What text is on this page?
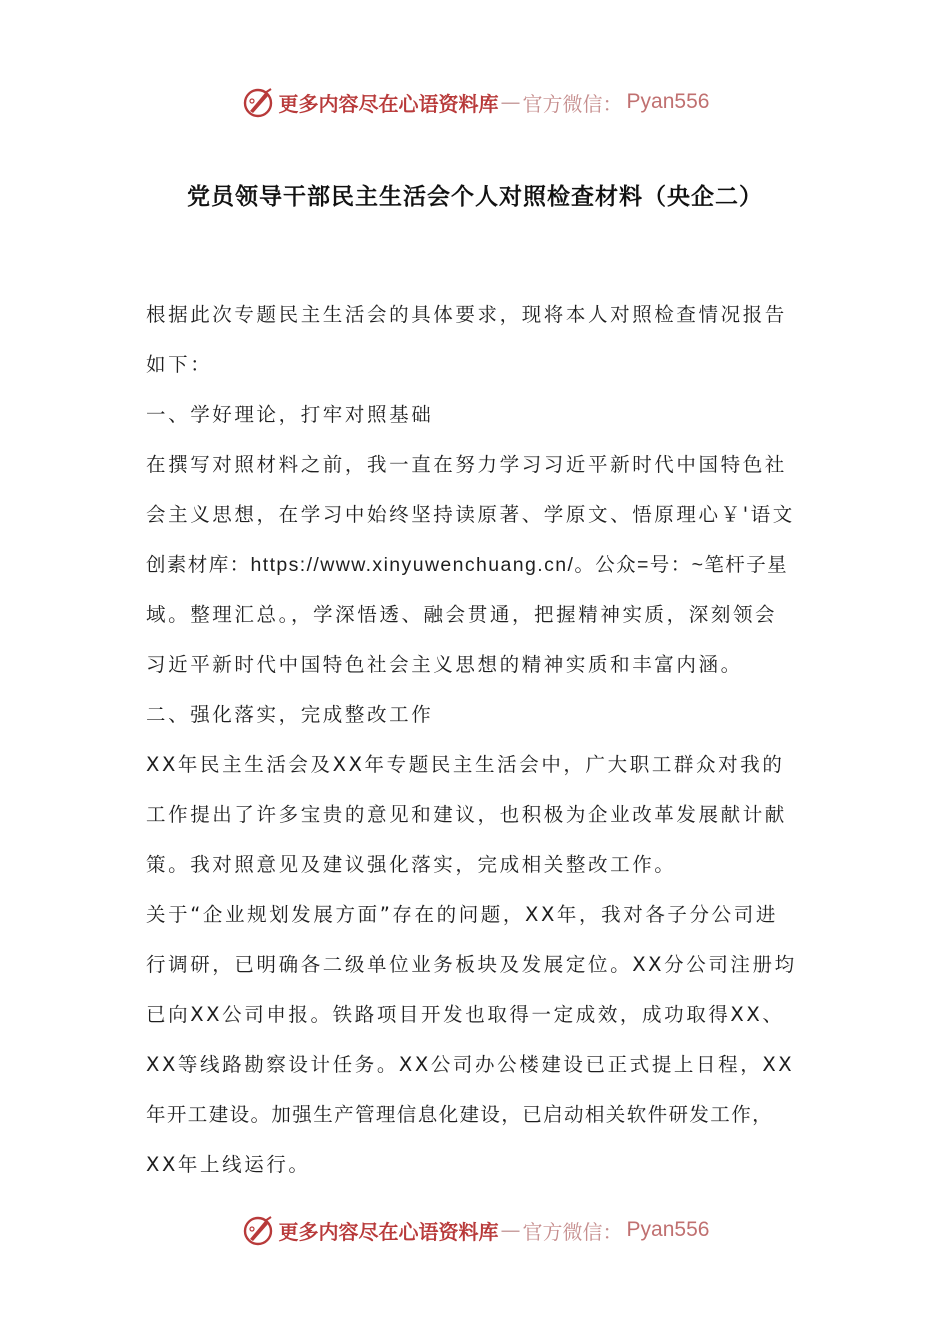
更多内容尽在心语资料库 — 官方微信： Pyan556
党员领导干部民主生活会个人对照检查材料（央企二）
根据此次专题民主生活会的具体要求，现将本人对照检查情况报告
如下：
一、学好理论，打牢对照基础
在撰写对照材料之前，我一直在努力学习习近平新时代中国特色社
会主义思想，在学习中始终坚持读原著、学原文、悟原理心￥'语文
创素材库：https://www.xinyuwenchuang.cn/。公众=号：~笔杆子星
域。整理汇总。，学深悟透、融会贯通，把握精神实质，深刻领会
习近平新时代中国特色社会主义思想的精神实质和丰富内涵。
二、强化落实，完成整改工作
XX年民主生活会及XX年专题民主生活会中，广大职工群众对我的
工作提出了许多宝贵的意见和建议，也积极为企业改革发展献计献
策。我对照意见及建议强化落实，完成相关整改工作。
关于“企业规划发展方面”存在的问题，XX年，我对各子分公司进
行调研，已明确各二级单位业务板块及发展定位。XX分公司注册均
已向XX公司申报。铁路项目开发也取得一定成效，成功取得XX、
XX等线路勘察设计任务。XX公司办公楼建设已正式提上日程，XX
年开工建设。加强生产管理信息化建设，已启动相关软件研发工作，
XX年上线运行。
更多内容尽在心语资料库 — 官方微信： Pyan556
